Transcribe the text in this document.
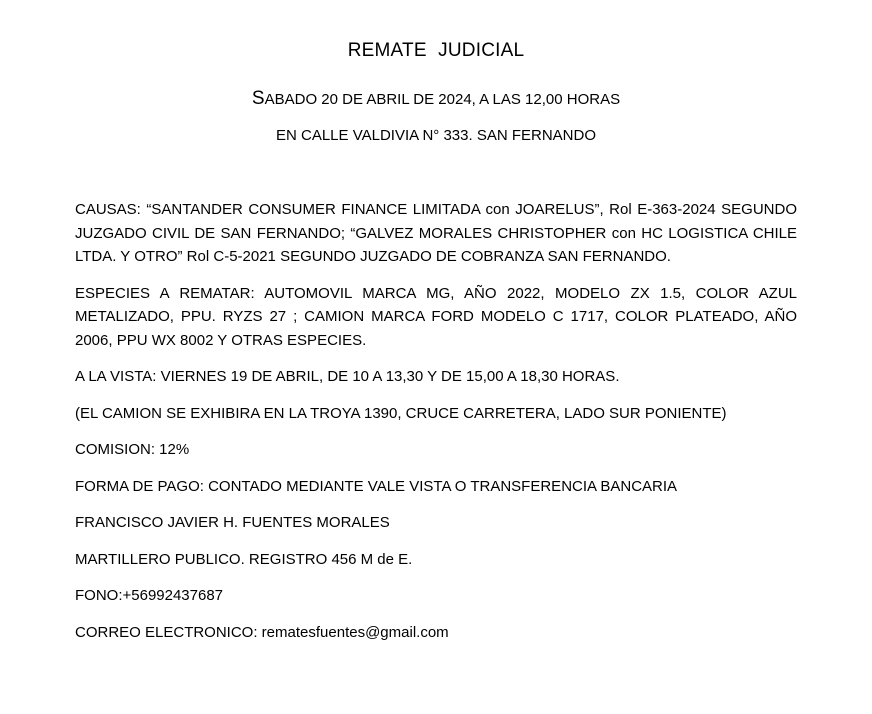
REMATE JUDICIAL
SABADO 20 DE ABRIL DE 2024, A LAS 12,00 HORAS
EN CALLE VALDIVIA N° 333. SAN FERNANDO

CAUSAS: “SANTANDER CONSUMER FINANCE LIMITADA con JOARELUS”, Rol E-363-2024 SEGUNDO JUZGADO CIVIL DE SAN FERNANDO; “GALVEZ MORALES CHRISTOPHER con HC LOGISTICA CHILE LTDA. Y OTRO” Rol C-5-2021 SEGUNDO JUZGADO DE COBRANZA SAN FERNANDO.

ESPECIES A REMATAR: AUTOMOVIL MARCA MG, AÑO 2022, MODELO ZX 1.5, COLOR AZUL METALIZADO, PPU. RYZS 27 ; CAMION MARCA FORD MODELO C 1717, COLOR PLATEADO, AÑO 2006, PPU WX 8002 Y OTRAS ESPECIES.

A LA VISTA: VIERNES 19 DE ABRIL, DE 10 A 13,30 Y DE 15,00 A 18,30 HORAS.

(EL CAMION SE EXHIBIRA EN LA TROYA 1390, CRUCE CARRETERA, LADO SUR PONIENTE)

COMISION: 12%

FORMA DE PAGO: CONTADO MEDIANTE VALE VISTA O TRANSFERENCIA BANCARIA

FRANCISCO JAVIER H. FUENTES MORALES

MARTILLERO PUBLICO. REGISTRO 456 M de E.

FONO:+56992437687

CORREO ELECTRONICO: rematesfuentes@gmail.com
